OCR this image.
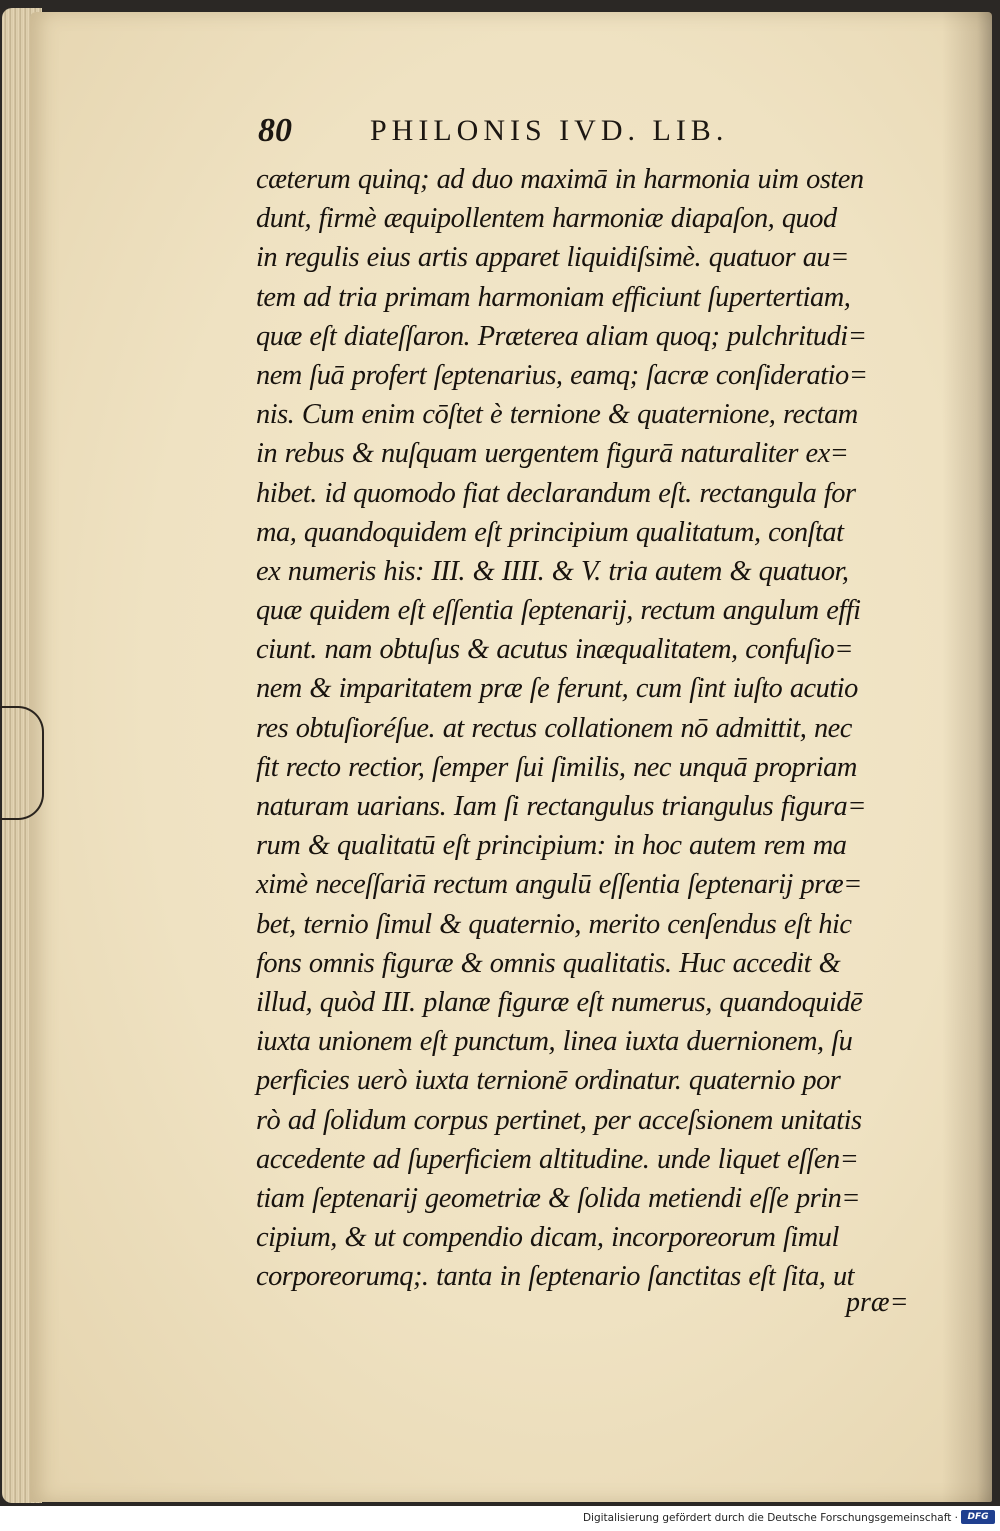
80	PHILONIS IVD. LIB.
cæterum quinq; ad duo maximā in harmonia uim osten
dunt, firmè æquipollentem harmoniæ diapaſon, quod
in regulis eius artis apparet liquidiſsimè. quatuor au=
tem ad tria primam harmoniam efficiunt ſupertertiam,
quæ eſt diateſſaron. Præterea aliam quoq; pulchritudi=
nem ſuā profert ſeptenarius, eamq; ſacræ conſideratio=
nis. Cum enim cōſtet è ternione & quaternione, rectam
in rebus & nuſquam uergentem figurā naturaliter ex=
hibet. id quomodo fiat declarandum eſt. rectangula for
ma, quandoquidem eſt principium qualitatum, conſtat
ex numeris his: III. & IIII. & V. tria autem & quatuor,
quæ quidem eſt eſſentia ſeptenarij, rectum angulum effi
ciunt. nam obtuſus & acutus inæqualitatem, confuſio=
nem & imparitatem præ ſe ferunt, cum ſint iuſto acutio
res obtuſioréſue. at rectus collationem nō admittit, nec
fit recto rectior, ſemper ſui ſimilis, nec unquā propriam
naturam uarians. Iam ſi rectangulus triangulus figura=
rum & qualitatū eſt principium: in hoc autem rem ma
ximè neceſſariā rectum angulū eſſentia ſeptenarij præ=
bet, ternio ſimul & quaternio, merito cenſendus eſt hic
fons omnis figuræ & omnis qualitatis. Huc accedit &
illud, quòd III. planæ figuræ eſt numerus, quandoquidē
iuxta unionem eſt punctum, linea iuxta duernionem, ſu
perficies uerò iuxta ternionē ordinatur. quaternio por
rò ad ſolidum corpus pertinet, per acceſsionem unitatis
accedente ad ſuperficiem altitudine. unde liquet eſſen=
tiam ſeptenarij geometriæ & ſolida metiendi eſſe prin=
cipium, & ut compendio dicam, incorporeorum ſimul
corporeorumq;. tanta in ſeptenario ſanctitas eſt ſita, ut
præ=
Digitalisierung gefördert durch die Deutsche Forschungsgemeinschaft ·	DFG
